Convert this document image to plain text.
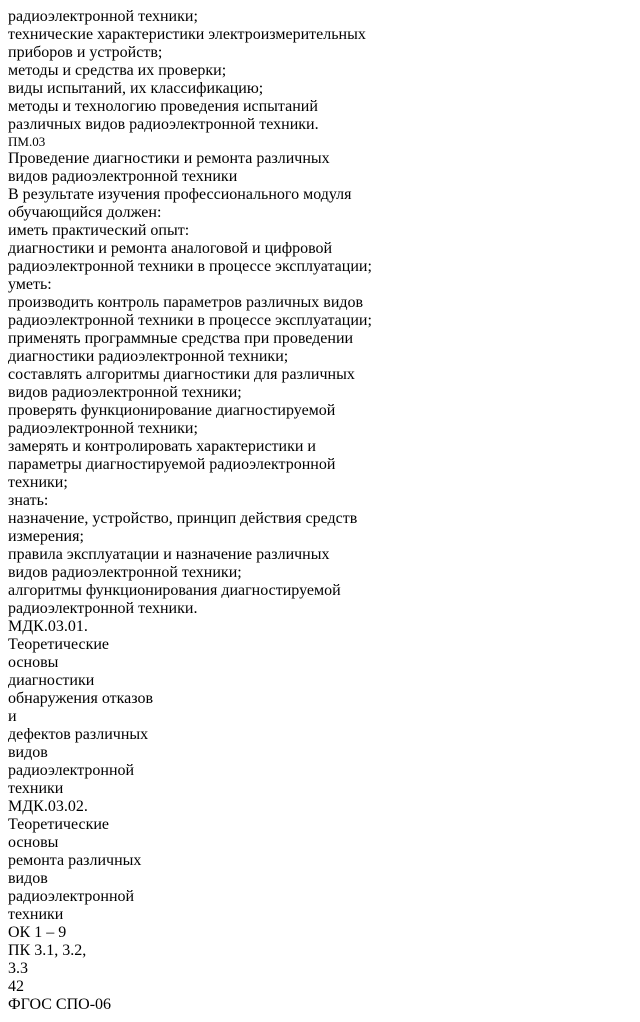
радиоэлектронной техники;
технические характеристики электроизмерительных
приборов и устройств;
методы и средства их проверки;
виды испытаний, их классификацию;
методы и технологию проведения испытаний
различных видов радиоэлектронной техники.
ПМ.03
Проведение диагностики и ремонта различных
видов радиоэлектронной техники
В результате изучения профессионального модуля
обучающийся должен:
иметь практический опыт:
диагностики и ремонта аналоговой и цифровой
радиоэлектронной техники в процессе эксплуатации;
уметь:
производить контроль параметров различных видов
радиоэлектронной техники в процессе эксплуатации;
применять программные средства при проведении
диагностики радиоэлектронной техники;
составлять алгоритмы диагностики для различных
видов радиоэлектронной техники;
проверять функционирование диагностируемой
радиоэлектронной техники;
замерять и контролировать характеристики и
параметры диагностируемой радиоэлектронной
техники;
знать:
назначение, устройство, принцип действия средств
измерения;
правила эксплуатации и назначение различных
видов радиоэлектронной техники;
алгоритмы функционирования диагностируемой
радиоэлектронной техники.
МДК.03.01.
Теоретические основы
диагностики
обнаружения отказов и
дефектов различных
видов
радиоэлектронной
техники
МДК.03.02.
Теоретические основы
ремонта различных
видов
радиоэлектронной
техники
ОК 1 – 9
ПК 3.1, 3.2, 3.3
42
ФГОС СПО-06
